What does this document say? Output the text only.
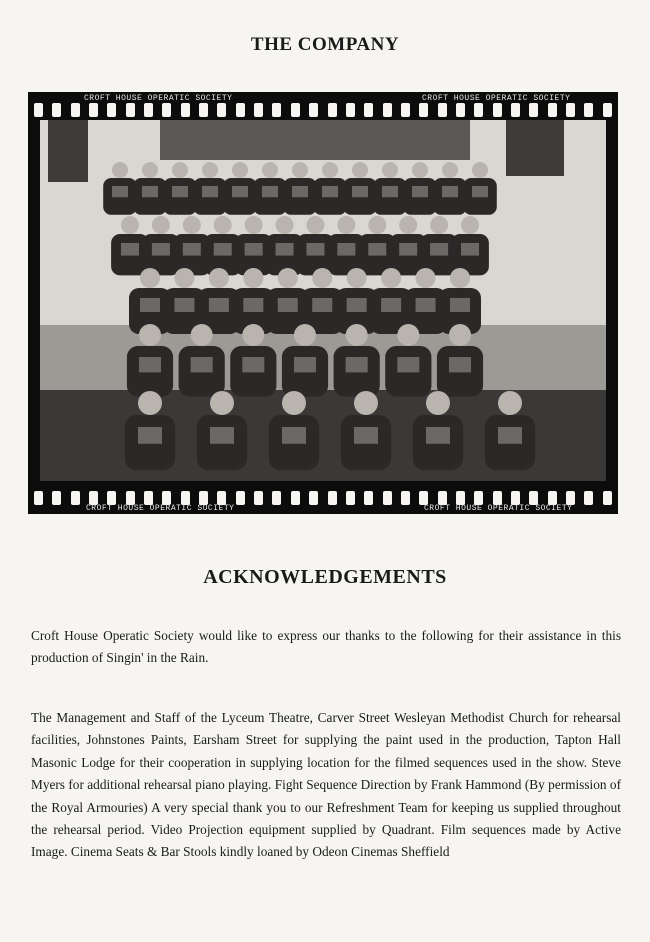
THE COMPANY
CROFT HOUSE OPERATIC SOCIETY	CROFT HOUSE OPERATIC SOCIETY
CROFT HOUSE OPERATIC SOCIETY	CROFT HOUSE OPERATIC SOCIETY
ACKNOWLEDGEMENTS

Croft House Operatic Society would like to express our thanks to the following for their assistance in this production of Singin' in the Rain.

The Management and Staff of the Lyceum Theatre, Carver Street Wesleyan Methodist Church for rehearsal facilities, Johnstones Paints, Earsham Street for supplying the paint used in the production, Tapton Hall Masonic Lodge for their cooperation in supplying location for the filmed sequences used in the show. Steve Myers for additional rehearsal piano playing. Fight Sequence Direction by Frank Hammond (By permission of the Royal Armouries) A very special thank you to our Refreshment Team for keeping us supplied throughout the rehearsal period. Video Projection equipment supplied by Quadrant. Film sequences made by Active Image. Cinema Seats & Bar Stools kindly loaned by Odeon Cinemas Sheffield
